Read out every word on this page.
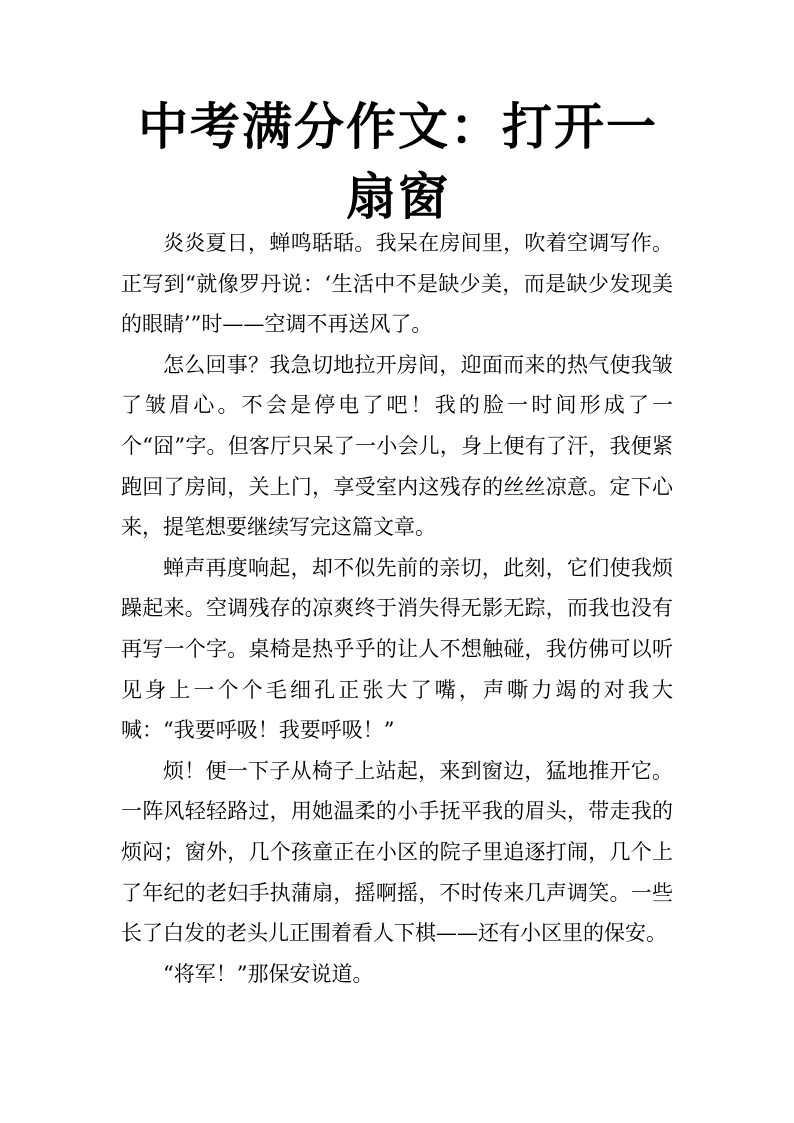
中考满分作文：打开一扇窗

炎炎夏日，蝉鸣聒聒。我呆在房间里，吹着空调写作。正写到“就像罗丹说：‘生活中不是缺少美，而是缺少发现美的眼睛’”时——空调不再送风了。

怎么回事？我急切地拉开房间，迎面而来的热气使我皱了皱眉心。不会是停电了吧！我的脸一时间形成了一个“囧”字。但客厅只呆了一小会儿，身上便有了汗，我便紧跑回了房间，关上门，享受室内这残存的丝丝凉意。定下心来，提笔想要继续写完这篇文章。

蝉声再度响起，却不似先前的亲切，此刻，它们使我烦躁起来。空调残存的凉爽终于消失得无影无踪，而我也没有再写一个字。桌椅是热乎乎的让人不想触碰，我仿佛可以听见身上一个个毛细孔正张大了嘴，声嘶力竭的对我大喊：“我要呼吸！我要呼吸！”

烦！便一下子从椅子上站起，来到窗边，猛地推开它。一阵风轻轻路过，用她温柔的小手抚平我的眉头，带走我的烦闷；窗外，几个孩童正在小区的院子里追逐打闹，几个上了年纪的老妇手执蒲扇，摇啊摇，不时传来几声调笑。一些长了白发的老头儿正围着看人下棋——还有小区里的保安。

“将军！”那保安说道。
